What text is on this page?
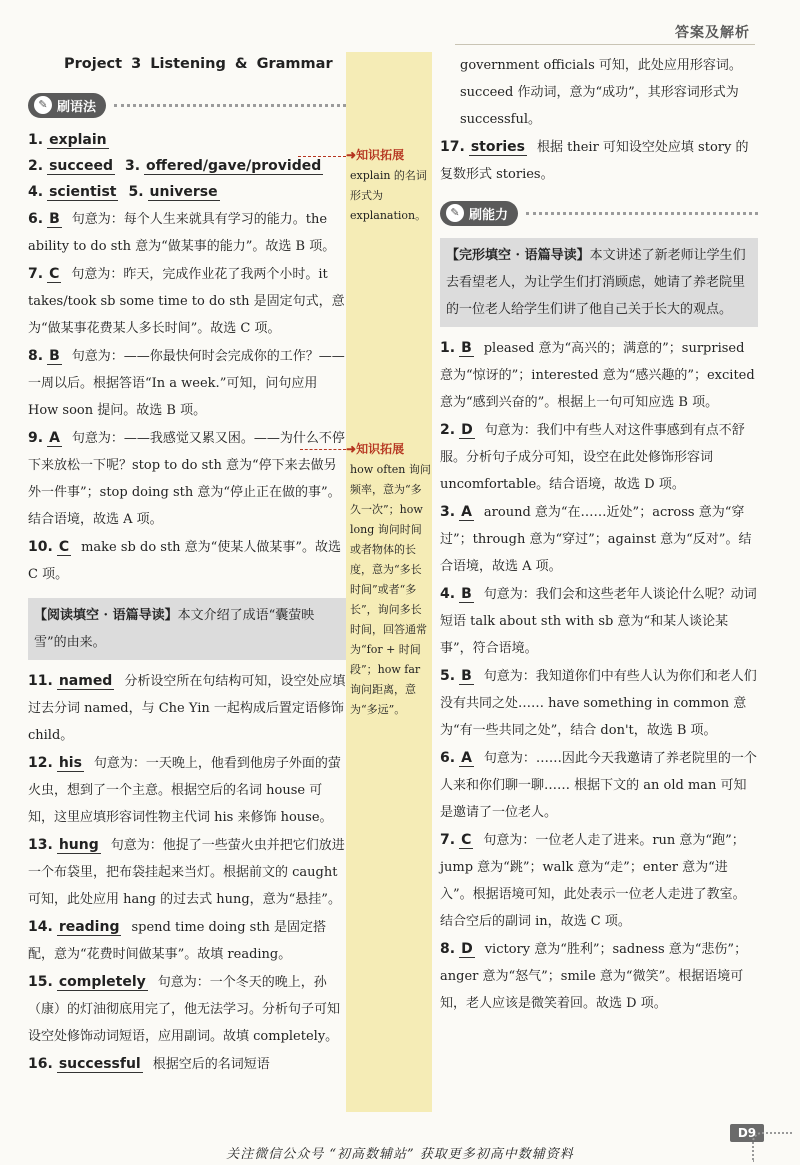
答案及解析
➜知识拓展
explain 的名词形式为 explanation。
➜知识拓展
how often 询问频率，意为“多久一次”；how long 询问时间或者物体的长度，意为“多长时间”或者“多长”，询问多长时间，回答通常为“for + 时间段”；how far 询问距离，意为“多远”。
Project 3 Listening & Grammar
✎ 刷语法
1. explain
2. succeed 3. offered/gave/provided
4. scientist 5. universe
6. B 句意为：每个人生来就具有学习的能力。the ability to do sth 意为“做某事的能力”。故选 B 项。
7. C 句意为：昨天，完成作业花了我两个小时。it takes/took sb some time to do sth 是固定句式，意为“做某事花费某人多长时间”。故选 C 项。
8. B 句意为：——你最快何时会完成你的工作？——一周以后。根据答语“In a week.”可知，问句应用 How soon 提问。故选 B 项。
9. A 句意为：——我感觉又累又困。——为什么不停下来放松一下呢？stop to do sth 意为“停下来去做另外一件事”；stop doing sth 意为“停止正在做的事”。结合语境，故选 A 项。
10. C make sb do sth 意为“使某人做某事”。故选C 项。
【阅读填空 · 语篇导读】本文介绍了成语“囊萤映雪”的由来。
11. named 分析设空所在句结构可知，设空处应填过去分词 named，与 Che Yin 一起构成后置定语修饰 child。
12. his 句意为：一天晚上，他看到他房子外面的萤火虫，想到了一个主意。根据空后的名词 house 可知，这里应填形容词性物主代词 his 来修饰 house。
13. hung 句意为：他捉了一些萤火虫并把它们放进一个布袋里，把布袋挂起来当灯。根据前文的 caught 可知，此处应用 hang 的过去式 hung，意为“悬挂”。
14. reading spend time doing sth 是固定搭配，意为“花费时间做某事”。故填 reading。
15. completely 句意为：一个冬天的晚上，孙（康）的灯油彻底用完了，他无法学习。分析句子可知设空处修饰动词短语，应用副词。故填 completely。
16. successful 根据空后的名词短语
government officials 可知，此处应用形容词。succeed 作动词，意为“成功”，其形容词形式为 successful。
17. stories 根据 their 可知设空处应填 story 的复数形式 stories。
✎ 刷能力
【完形填空 · 语篇导读】本文讲述了新老师让学生们去看望老人，为让学生们打消顾虑，她请了养老院里的一位老人给学生们讲了他自己关于长大的观点。
1. B pleased 意为“高兴的；满意的”；surprised 意为“惊讶的”；interested 意为“感兴趣的”；excited 意为“感到兴奋的”。根据上一句可知应选 B 项。
2. D 句意为：我们中有些人对这件事感到有点不舒服。分析句子成分可知，设空在此处修饰形容词 uncomfortable。结合语境，故选 D 项。
3. A around 意为“在……近处”；across 意为“穿过”；through 意为“穿过”；against 意为“反对”。结合语境，故选 A 项。
4. B 句意为：我们会和这些老年人谈论什么呢？动词短语 talk about sth with sb 意为“和某人谈论某事”，符合语境。
5. B 句意为：我知道你们中有些人认为你们和老人们没有共同之处…… have something in common 意为“有一些共同之处”，结合 don't，故选 B 项。
6. A 句意为：……因此今天我邀请了养老院里的一个人来和你们聊一聊…… 根据下文的 an old man 可知是邀请了一位老人。
7. C 句意为：一位老人走了进来。run 意为“跑”；jump 意为“跳”；walk 意为“走”；enter 意为“进入”。根据语境可知，此处表示一位老人走进了教室。结合空后的副词 in，故选 C 项。
8. D victory 意为“胜利”；sadness 意为“悲伤”；anger 意为“怒气”；smile 意为“微笑”。根据语境可知，老人应该是微笑着回。故选 D 项。
D9
关注微信公众号 “初高数辅站” 获取更多初高中数辅资料
